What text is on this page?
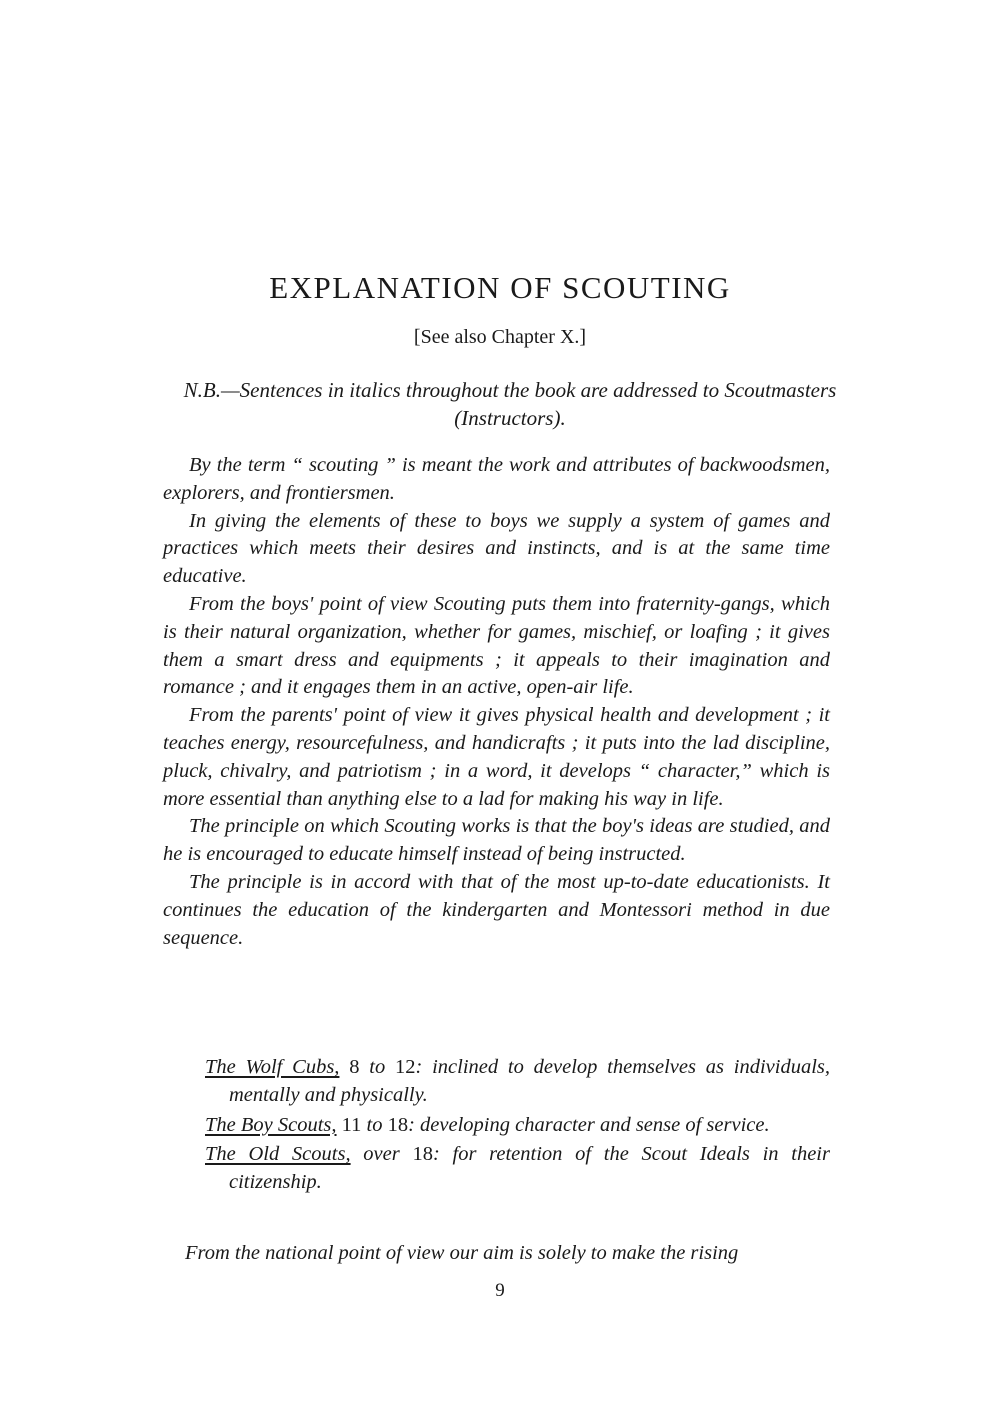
EXPLANATION OF SCOUTING

[See also Chapter X.]

N.B.—Sentences in italics throughout the book are addressed to Scoutmasters (Instructors).

By the term “ scouting ” is meant the work and attributes of backwoodsmen, explorers, and frontiersmen.

In giving the elements of these to boys we supply a system of games and practices which meets their desires and instincts, and is at the same time educative.

From the boys' point of view Scouting puts them into fraternity-gangs, which is their natural organization, whether for games, mischief, or loafing ; it gives them a smart dress and equipments ; it appeals to their imagination and romance ; and it engages them in an active, open-air life.

From the parents' point of view it gives physical health and development ; it teaches energy, resourcefulness, and handicrafts ; it puts into the lad discipline, pluck, chivalry, and patriotism ; in a word, it develops “ character,” which is more essential than anything else to a lad for making his way in life.

The principle on which Scouting works is that the boy's ideas are studied, and he is encouraged to educate himself instead of being instructed.

The principle is in accord with that of the most up-to-date educationists. It continues the education of the kindergarten and Montessori method in due sequence.

The Wolf Cubs, 8 to 12: inclined to develop themselves as individuals, mentally and physically.

The Boy Scouts, 11 to 18: developing character and sense of service.

The Old Scouts, over 18: for retention of the Scout Ideals in their citizenship.

From the national point of view our aim is solely to make the rising

9
